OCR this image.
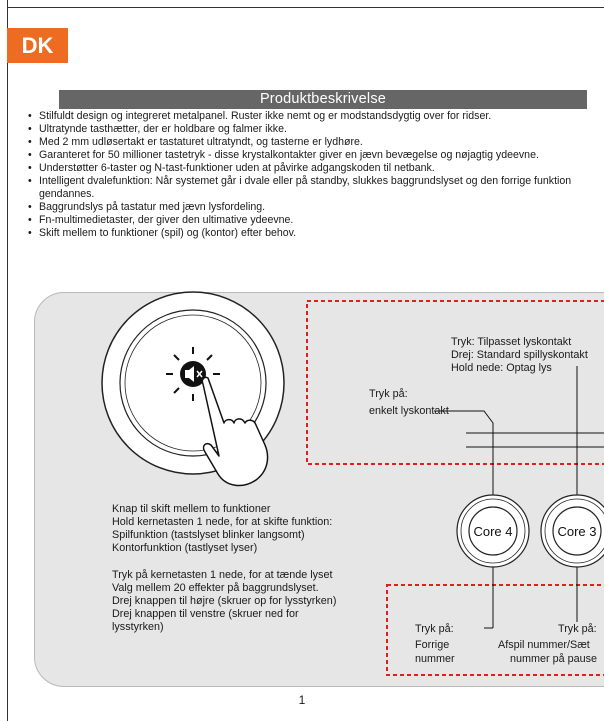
DK
Produktbeskrivelse
• Stilfuldt design og integreret metalpanel. Ruster ikke nemt og er modstandsdygtig over for ridser.
• Ultratynde tasthætter, der er holdbare og falmer ikke.
• Med 2 mm udløsertakt er tastaturet ultratyndt, og tasterne er lydhøre.
• Garanteret for 50 millioner tastetryk - disse krystalkontakter giver en jævn bevægelse og nøjagtig ydeevne.
• Understøtter 6-taster og N-tast-funktioner uden at påvirke adgangskoden til netbank.
• Intelligent dvalefunktion: Når systemet går i dvale eller på standby, slukkes baggrundslyset og den forrige funktion gendannes.
• Baggrundslys på tastatur med jævn lysfordeling.
• Fn-multimedietaster, der giver den ultimative ydeevne.
• Skift mellem to funktioner (spil) og (kontor) efter behov.
Core 4	Core 3
Tryk: Tilpasset lyskontakt
Drej: Standard spillyskontakt
Hold nede: Optag lys
Tryk på:
enkelt lyskontakt
Knap til skift mellem to funktioner
Hold kernetasten 1 nede, for at skifte funktion:
Spilfunktion (tastslyset blinker langsomt)
Kontorfunktion (tastlyset lyser)
Tryk på kernetasten 1 nede, for at tænde lyset
Valg mellem 20 effekter på baggrundslyset.
Drej knappen til højre (skruer op for lysstyrken)
Drej knappen til venstre (skruer ned for
lysstyrken)	Tryk på:
Forrige
nummer
Tryk på:
Afspil nummer/Sæt
nummer på pause
1
